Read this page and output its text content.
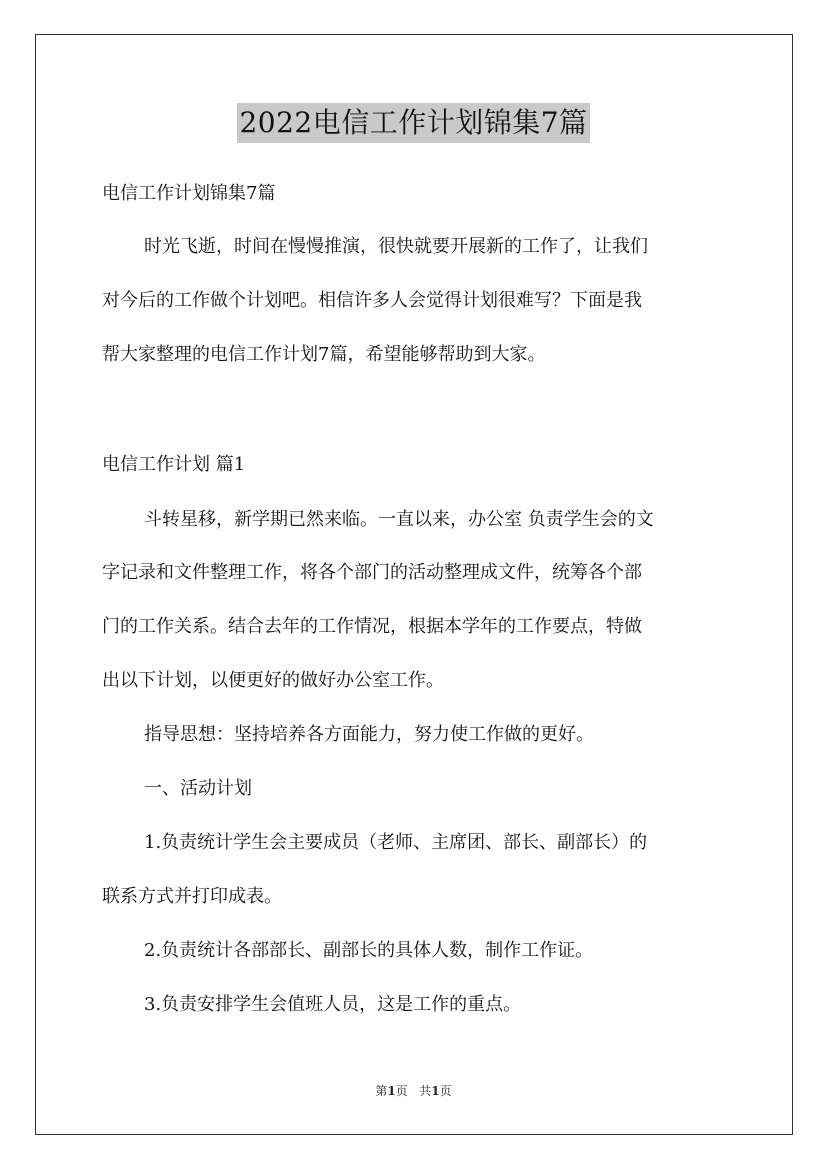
2022电信工作计划锦集7篇
电信工作计划锦集7篇
时光飞逝，时间在慢慢推演，很快就要开展新的工作了，让我们
对今后的工作做个计划吧。相信许多人会觉得计划很难写？下面是我
帮大家整理的电信工作计划7篇，希望能够帮助到大家。
电信工作计划 篇1
斗转星移，新学期已然来临。一直以来，办公室 负责学生会的文
字记录和文件整理工作，将各个部门的活动整理成文件，统筹各个部
门的工作关系。结合去年的工作情况，根据本学年的工作要点，特做
出以下计划，以便更好的做好办公室工作。
指导思想：坚持培养各方面能力，努力使工作做的更好。
一、活动计划
1.负责统计学生会主要成员（老师、主席团、部长、副部长）的
联系方式并打印成表。
2.负责统计各部部长、副部长的具体人数，制作工作证。
3.负责安排学生会值班人员，这是工作的重点。
第1页 共1页
